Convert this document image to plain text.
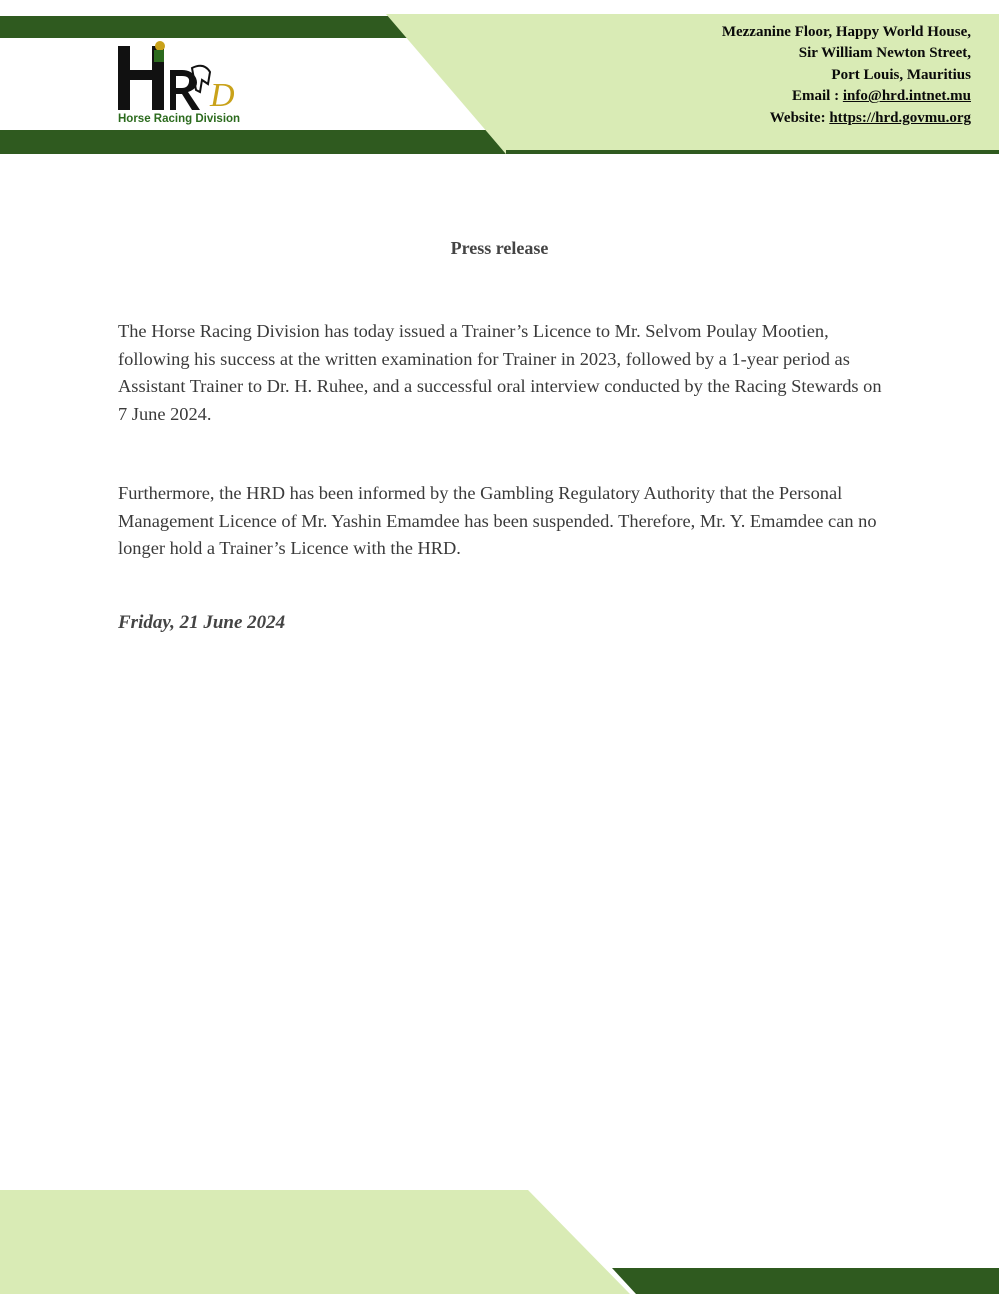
D
Horse Racing Division
Mezzanine Floor, Happy World House,
Sir William Newton Street,
Port Louis, Mauritius
Email : info@hrd.intnet.mu
Website: https://hrd.govmu.org
Press release
The Horse Racing Division has today issued a Trainer’s Licence to Mr. Selvom Poulay Mootien, following his success at the written examination for Trainer in 2023, followed by a 1-year period as Assistant Trainer to Dr. H. Ruhee, and a successful oral interview conducted by the Racing Stewards on 7 June 2024.
Furthermore, the HRD has been informed by the Gambling Regulatory Authority that the Personal Management Licence of Mr. Yashin Emamdee has been suspended. Therefore, Mr. Y. Emamdee can no longer hold a Trainer’s Licence with the HRD.
Friday, 21 June 2024
